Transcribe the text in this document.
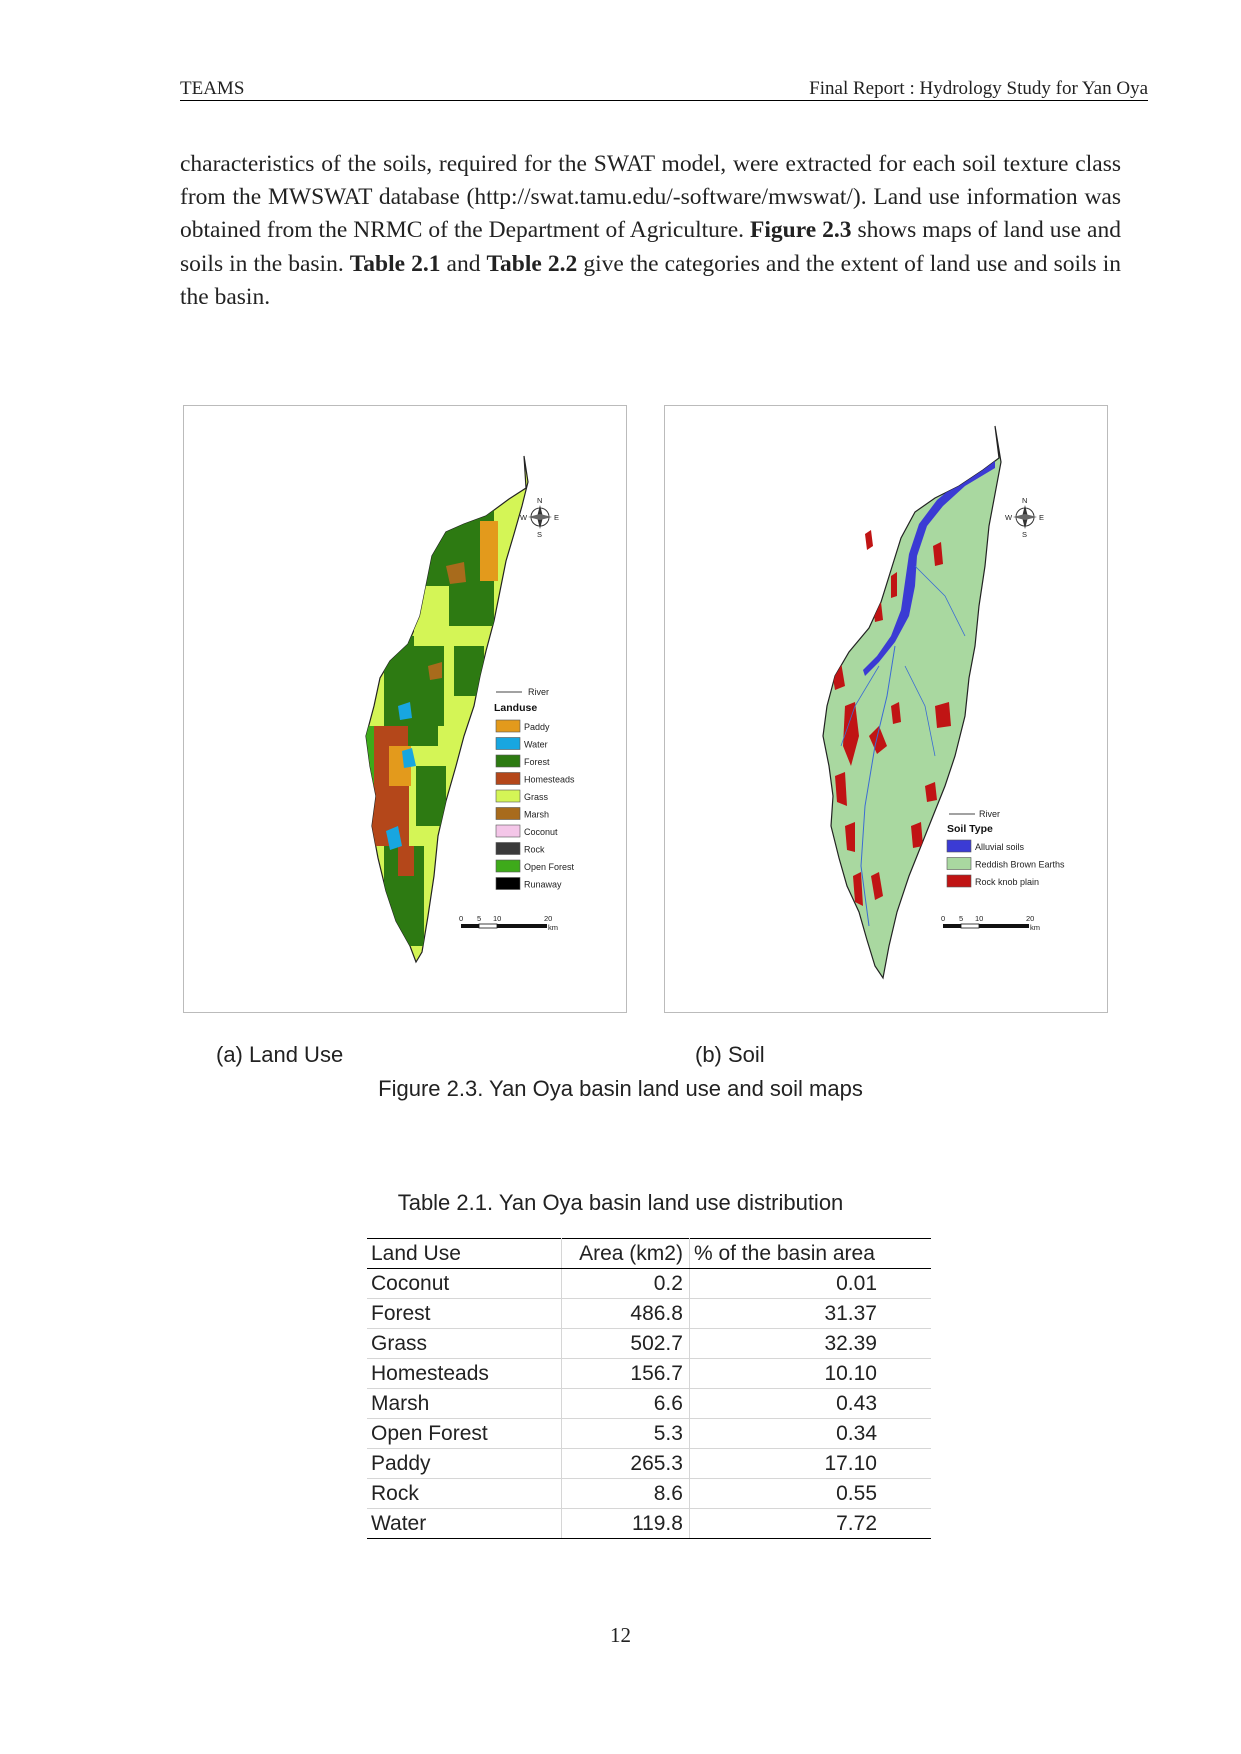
TEAMS	Final Report : Hydrology Study for Yan Oya

characteristics of the soils, required for the SWAT model, were extracted for each soil texture class from the MWSWAT database (http://swat.tamu.edu/-software/mwswat/). Land use information was obtained from the NRMC of the Department of Agriculture. Figure 2.3 shows maps of land use and soils in the basin. Table 2.1 and Table 2.2 give the categories and the extent of land use and soils in the basin.

N
S
E
W
River
Landuse
Paddy
Water
Forest
Homesteads
Grass
Marsh
Coconut
Rock
Open Forest
Runaway
0 5 10	20
km
N
S
E
W
River
Soil Type
Alluvial soils
Reddish Brown Earths
Rock knob plain
0 5 10	20
km
(a) Land Use	(b) Soil
Figure 2.3. Yan Oya basin land use and soil maps
Table 2.1. Yan Oya basin land use distribution
Land Use	Area (km2)	% of the basin area
Coconut	0.2	0.01
Forest	486.8	31.37
Grass	502.7	32.39
Homesteads	156.7	10.10
Marsh	6.6	0.43
Open Forest	5.3	0.34
Paddy	265.3	17.10
Rock	8.6	0.55
Water	119.8	7.72
12
